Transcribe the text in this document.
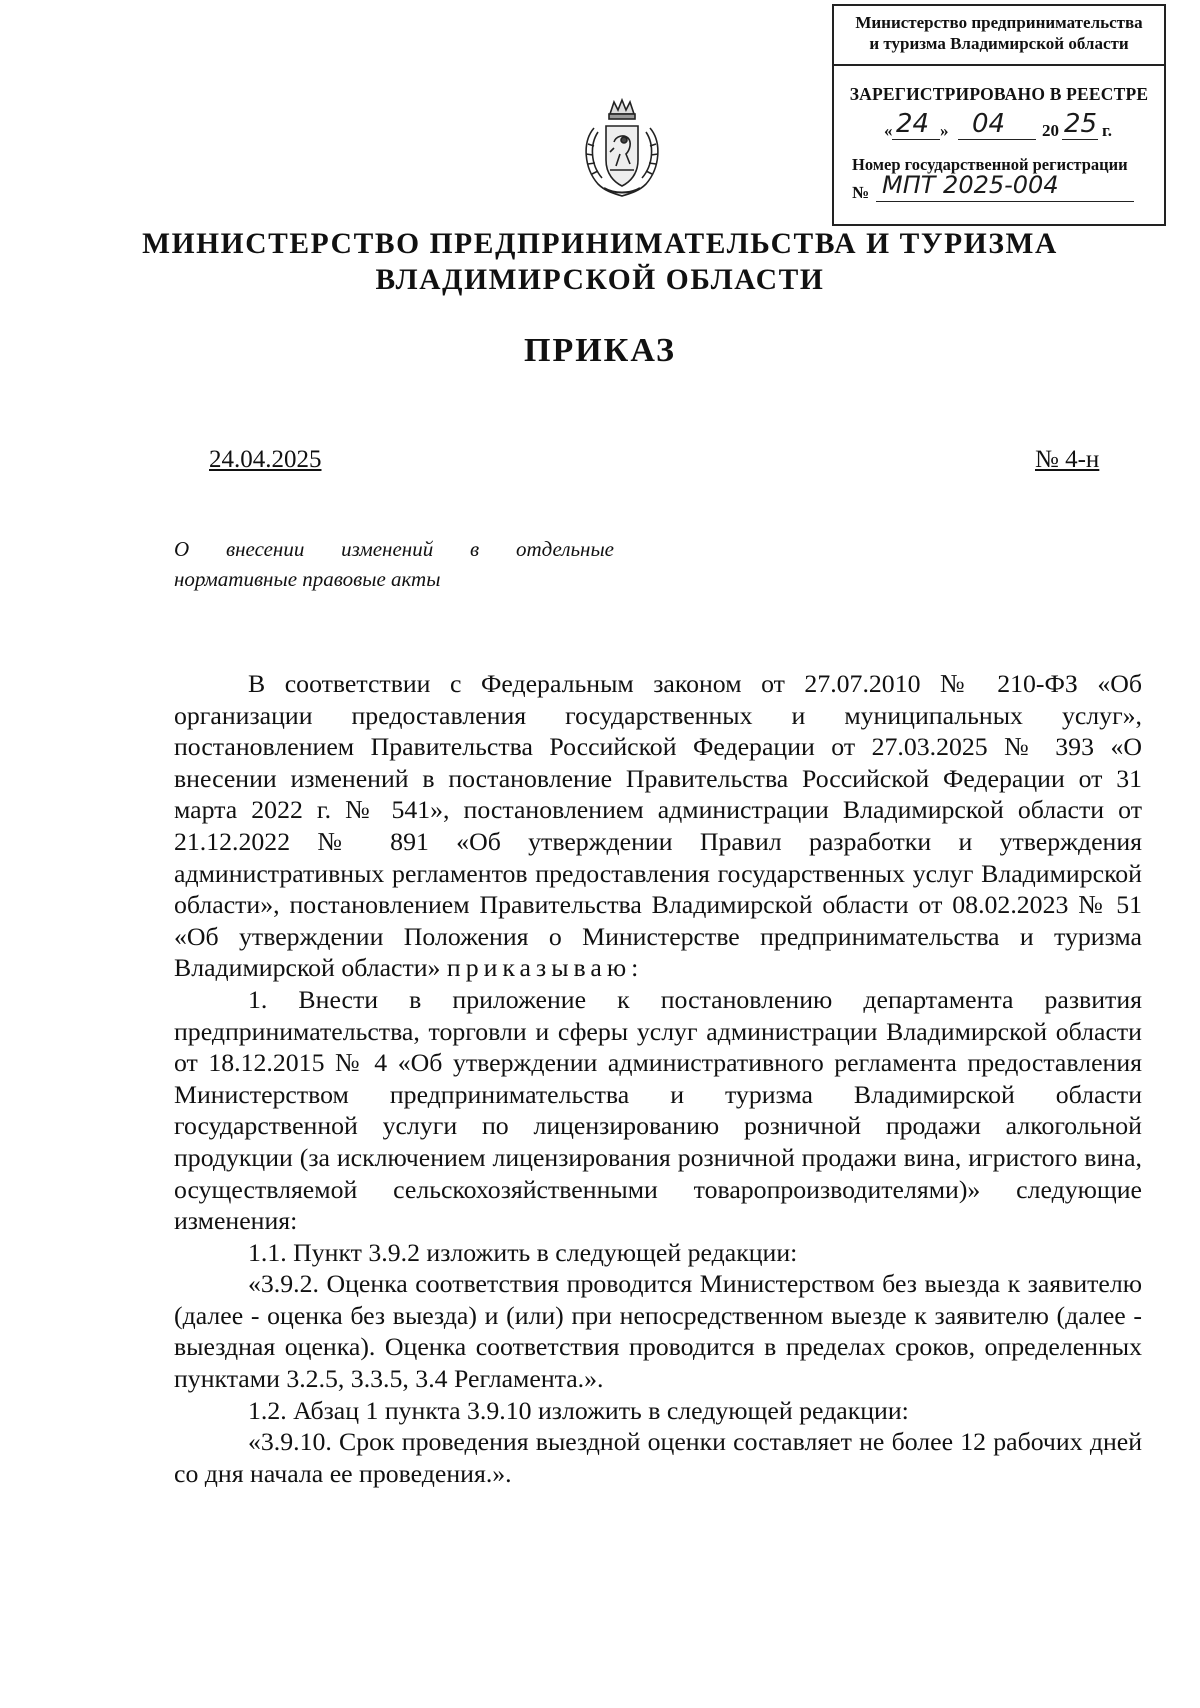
Министерство предпринимательства
и туризма Владимирской области
ЗАРЕГИСТРИРОВАНО В РЕЕСТРЕ
« 24 » 04 20 25 г.
Номер государственной регистрации
№ МПТ 2025-004
МИНИСТЕРСТВО ПРЕДПРИНИМАТЕЛЬСТВА И ТУРИЗМА
ВЛАДИМИРСКОЙ ОБЛАСТИ
ПРИКАЗ
24.04.2025	№ 4-н
О внесении изменений в отдельные
нормативные правовые акты

В соответствии с Федеральным законом от 27.07.2010 № 210-ФЗ «Об организации предоставления государственных и муниципальных услуг», постановлением Правительства Российской Федерации от 27.03.2025 № 393 «О внесении изменений в постановление Правительства Российской Федерации от 31 марта 2022 г. № 541», постановлением администрации Владимирской области от 21.12.2022 № 891 «Об утверждении Правил разработки и утверждения административных регламентов предоставления государственных услуг Владимирской области», постановлением Правительства Владимирской области от 08.02.2023 № 51 «Об утверждении Положения о Министерстве предпринимательства и туризма Владимирской области» приказываю:

1. Внести в приложение к постановлению департамента развития предпринимательства, торговли и сферы услуг администрации Владимирской области от 18.12.2015 № 4 «Об утверждении административного регламента предоставления Министерством предпринимательства и туризма Владимирской области государственной услуги по лицензированию розничной продажи алкогольной продукции (за исключением лицензирования розничной продажи вина, игристого вина, осуществляемой сельскохозяйственными товаропроизводителями)» следующие изменения:

1.1. Пункт 3.9.2 изложить в следующей редакции:

«3.9.2. Оценка соответствия проводится Министерством без выезда к заявителю (далее - оценка без выезда) и (или) при непосредственном выезде к заявителю (далее - выездная оценка). Оценка соответствия проводится в пределах сроков, определенных пунктами 3.2.5, 3.3.5, 3.4 Регламента.».

1.2. Абзац 1 пункта 3.9.10 изложить в следующей редакции:

«3.9.10. Срок проведения выездной оценки составляет не более 12 рабочих дней со дня начала ее проведения.».
